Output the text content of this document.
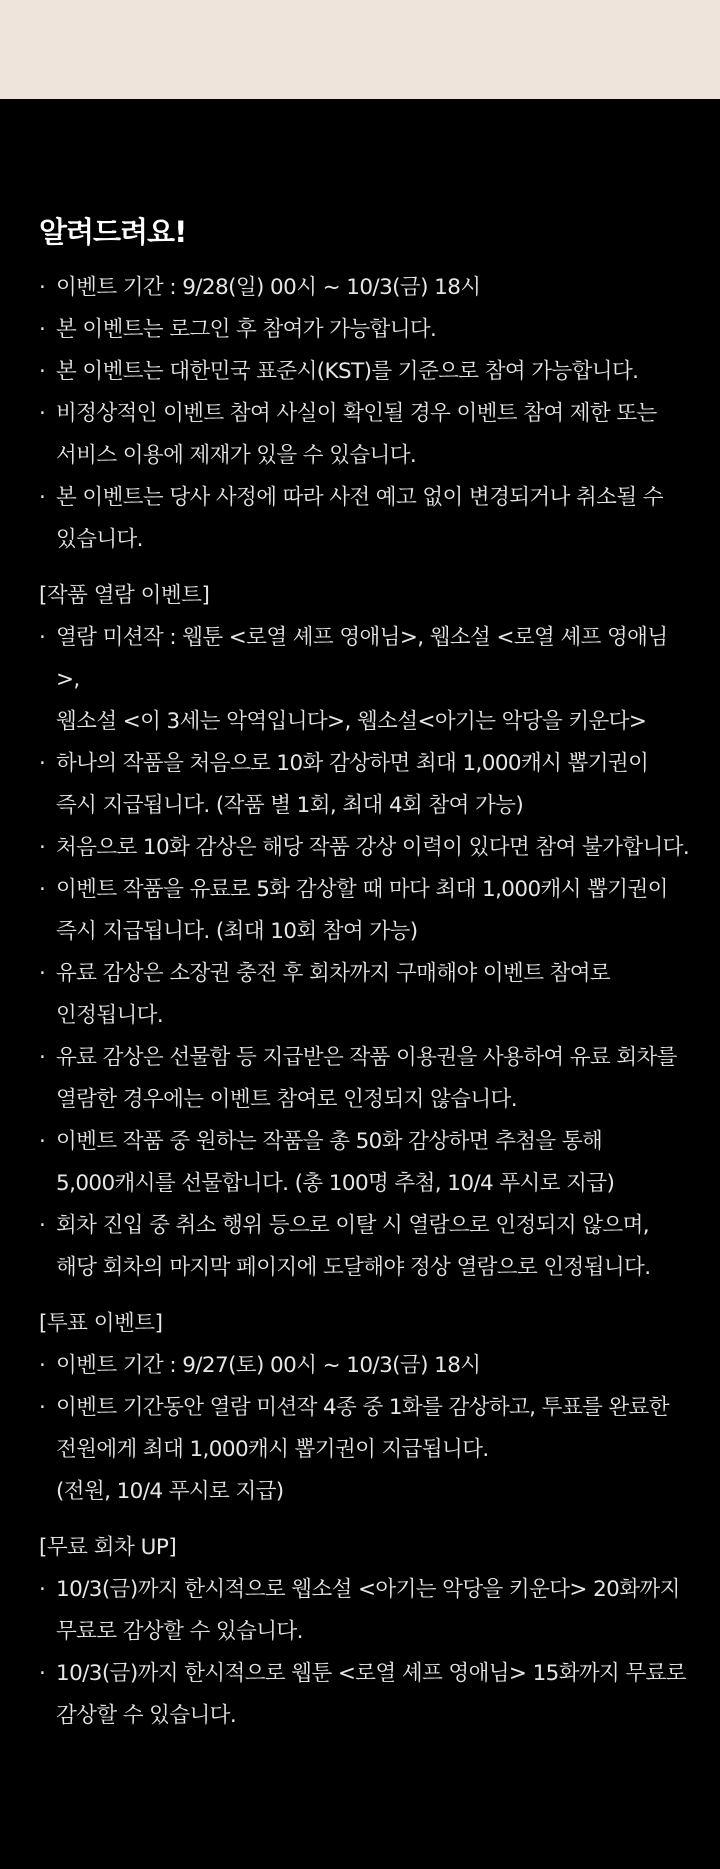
알려드려요!
· 이벤트 기간 : 9/28(일) 00시 ~ 10/3(금) 18시
· 본 이벤트는 로그인 후 참여가 가능합니다.
· 본 이벤트는 대한민국 표준시(KST)를 기준으로 참여 가능합니다.
· 비정상적인 이벤트 참여 사실이 확인될 경우 이벤트 참여 제한 또는
서비스 이용에 제재가 있을 수 있습니다.
· 본 이벤트는 당사 사정에 따라 사전 예고 없이 변경되거나 취소될 수
있습니다.

[작품 열람 이벤트]

· 열람 미션작 : 웹툰 <로열 셰프 영애님>, 웹소설 <로열 셰프 영애님>,
웹소설 <이 3세는 악역입니다>, 웹소설<아기는 악당을 키운다>
· 하나의 작품을 처음으로 10화 감상하면 최대 1,000캐시 뽑기권이
즉시 지급됩니다. (작품 별 1회, 최대 4회 참여 가능)
· 처음으로 10화 감상은 해당 작품 강상 이력이 있다면 참여 불가합니다.
· 이벤트 작품을 유료로 5화 감상할 때 마다 최대 1,000캐시 뽑기권이
즉시 지급됩니다. (최대 10회 참여 가능)
· 유료 감상은 소장권 충전 후 회차까지 구매해야 이벤트 참여로
인정됩니다.
· 유료 감상은 선물함 등 지급받은 작품 이용권을 사용하여 유료 회차를
열람한 경우에는 이벤트 참여로 인정되지 않습니다.
· 이벤트 작품 중 원하는 작품을 총 50화 감상하면 추첨을 통해
5,000캐시를 선물합니다. (총 100명 추첨, 10/4 푸시로 지급)
· 회차 진입 중 취소 행위 등으로 이탈 시 열람으로 인정되지 않으며,
해당 회차의 마지막 페이지에 도달해야 정상 열람으로 인정됩니다.

[투표 이벤트]

· 이벤트 기간 : 9/27(토) 00시 ~ 10/3(금) 18시
· 이벤트 기간동안 열람 미션작 4종 중 1화를 감상하고, 투표를 완료한
전원에게 최대 1,000캐시 뽑기권이 지급됩니다.
(전원, 10/4 푸시로 지급)

[무료 회차 UP]

· 10/3(금)까지 한시적으로 웹소설 <아기는 악당을 키운다> 20화까지
무료로 감상할 수 있습니다.
· 10/3(금)까지 한시적으로 웹툰 <로열 셰프 영애님> 15화까지 무료로
감상할 수 있습니다.
